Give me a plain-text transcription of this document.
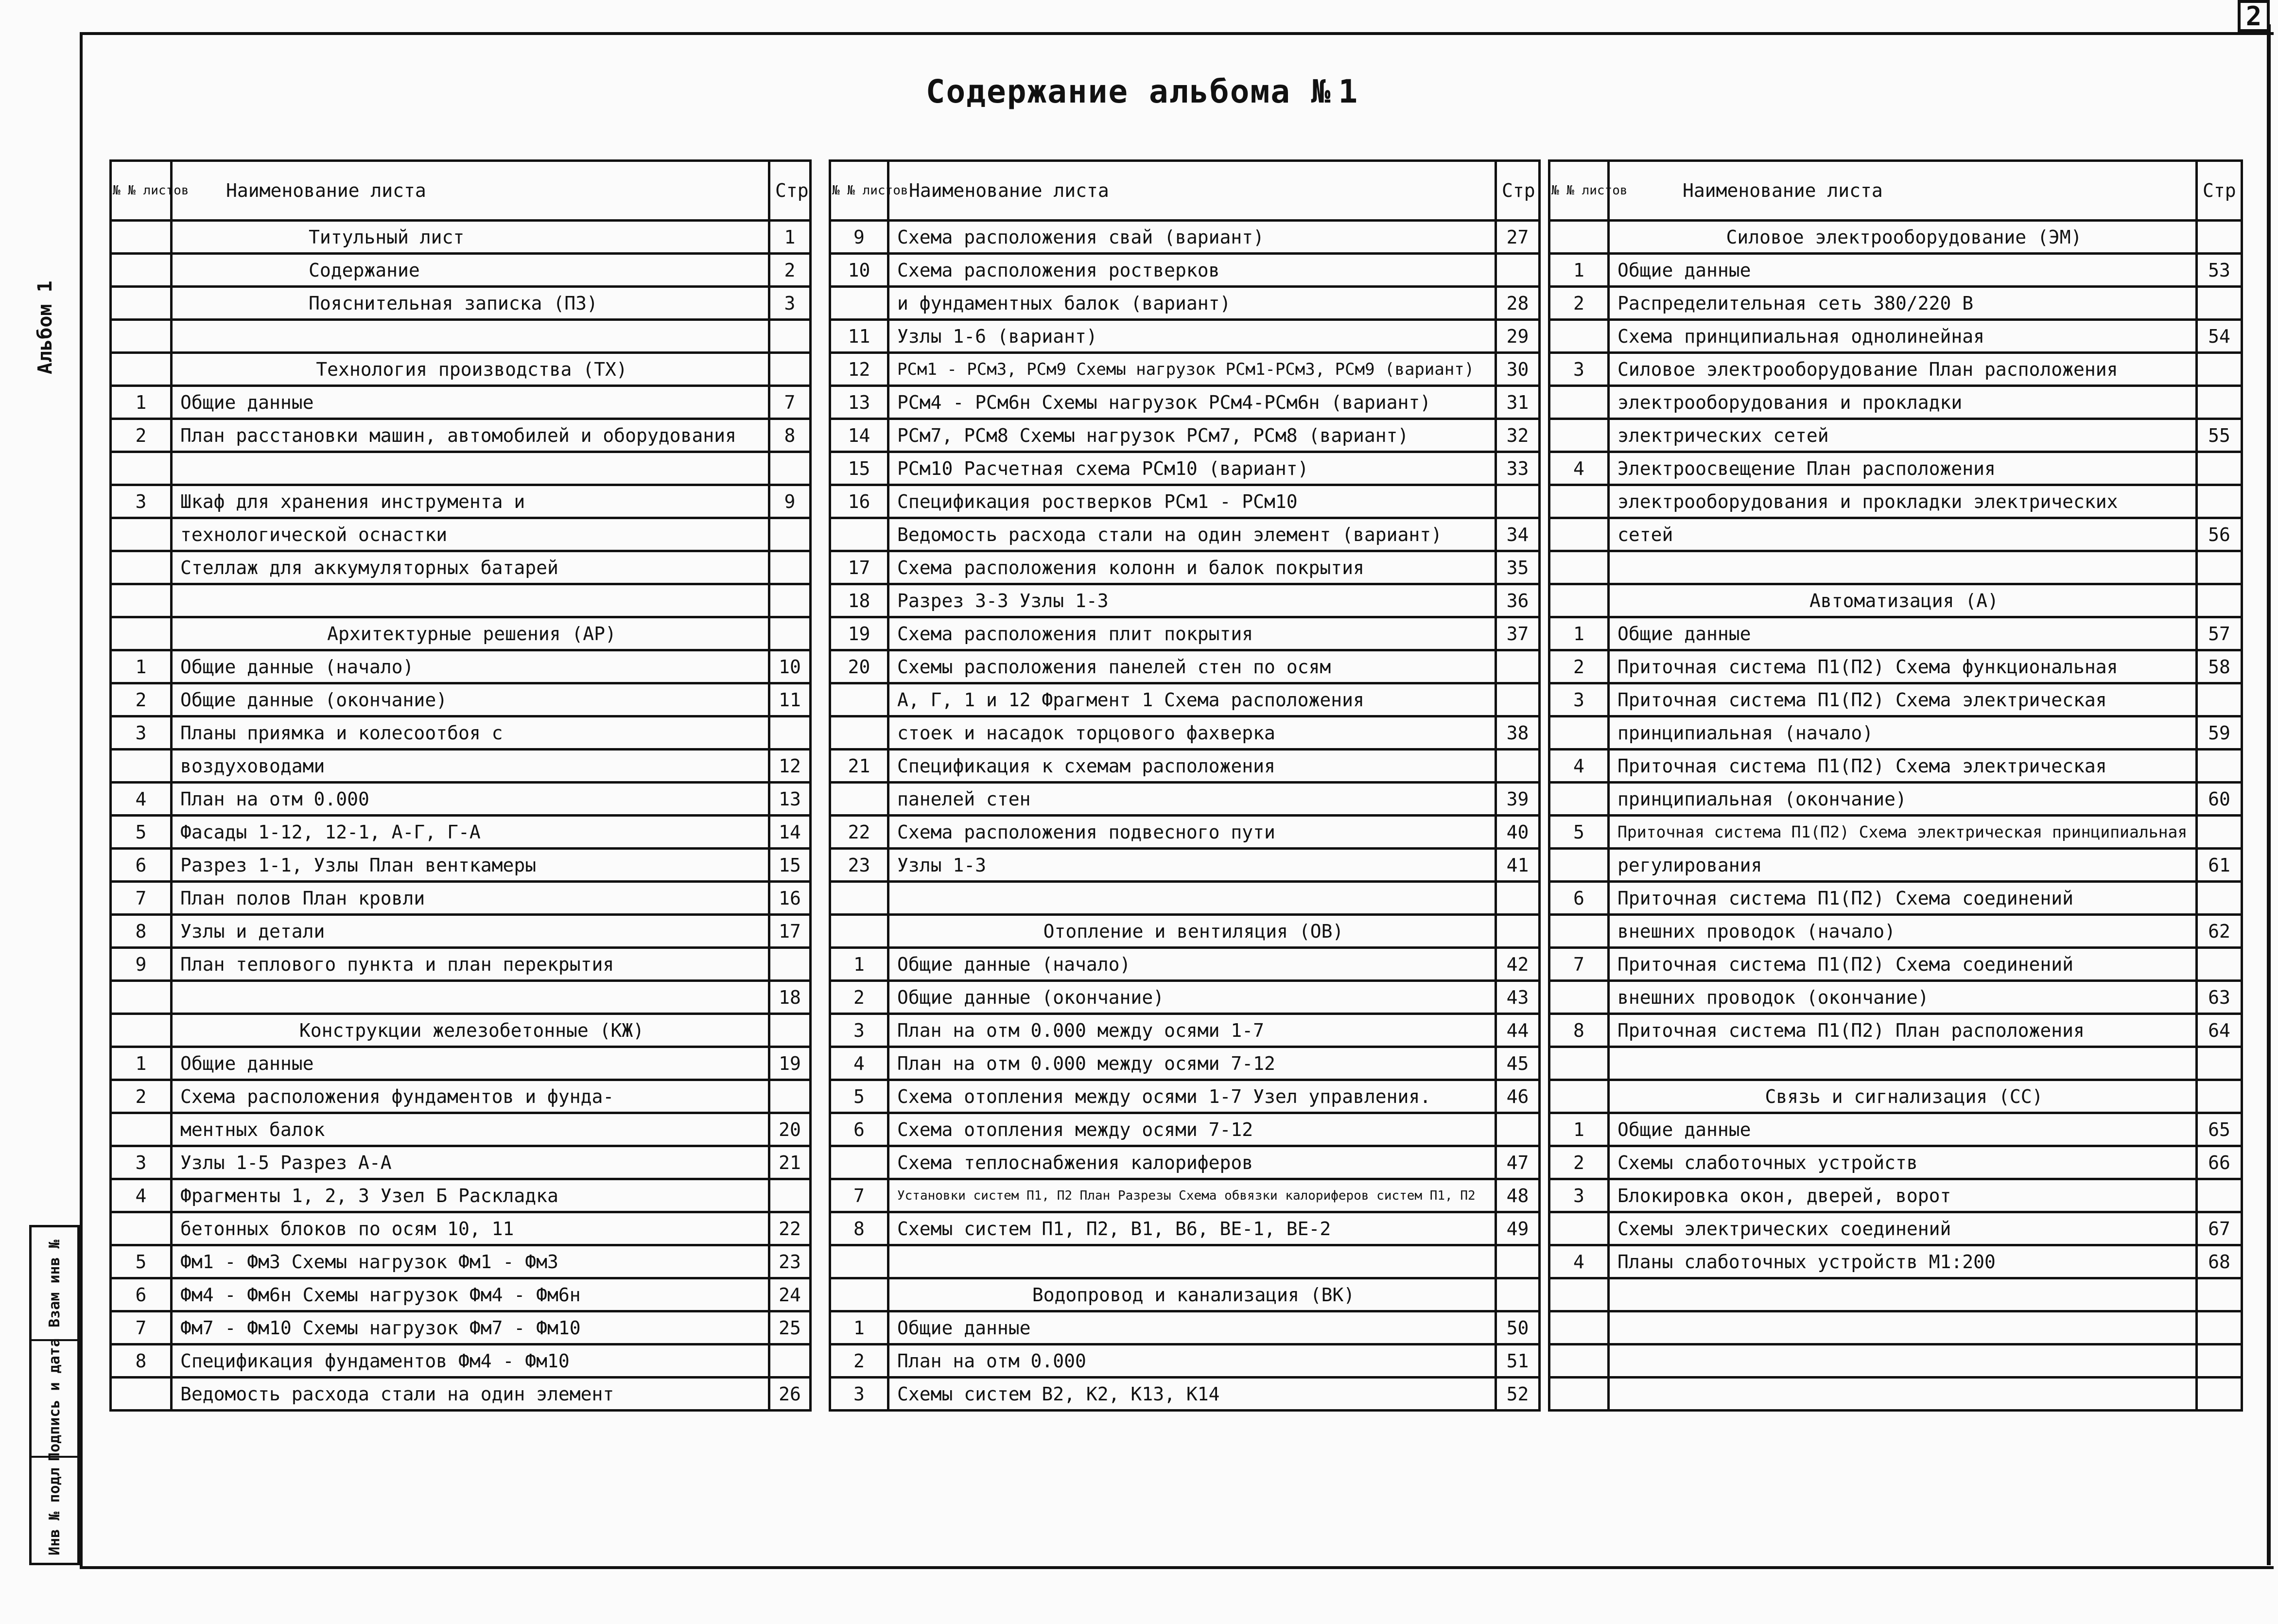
2
Альбом 1
Взам инв №
Подпись и дата
Инв № подл
Содержание альбома № 1
№ № листов	Наименование листа	Стр
	Титульный лист	1
	Содержание	2
	Пояснительная записка (ПЗ)	3

	Технология производства (ТХ)	
1	Общие данные	7
2	План расстановки машин, автомобилей и оборудования	8

3	Шкаф для хранения инструмента и	9
	технологической оснастки	
	Стеллаж для аккумуляторных батарей	

	Архитектурные решения (АР)	
1	Общие данные (начало)	10
2	Общие данные (окончание)	11
3	Планы приямка и колесоотбоя с	
	воздуховодами	12
4	План на отм 0.000	13
5	Фасады 1-12, 12-1, А-Г, Г-А	14
6	Разрез 1-1, Узлы План венткамеры	15
7	План полов План кровли	16
8	Узлы и детали	17
9	План теплового пункта и план перекрытия	
		18
	Конструкции железобетонные (КЖ)	
1	Общие данные	19
2	Схема расположения фундаментов и фунда-	
	ментных балок	20
3	Узлы 1-5 Разрез А-А	21
4	Фрагменты 1, 2, 3 Узел Б Раскладка	
	бетонных блоков по осям 10, 11	22
5	Фм1 - Фм3 Схемы нагрузок Фм1 - Фм3	23
6	Фм4 - Фм6н Схемы нагрузок Фм4 - Фм6н	24
7	Фм7 - Фм10 Схемы нагрузок Фм7 - Фм10	25
8	Спецификация фундаментов Фм4 - Фм10	
	Ведомость расхода стали на один элемент	26
№ № листов	Наименование листа	Стр
9	Схема расположения свай (вариант)	27
10	Схема расположения ростверков	
	и фундаментных балок (вариант)	28
11	Узлы 1-6 (вариант)	29
12	РСм1 - РСм3, РСм9 Схемы нагрузок РСм1-РСм3, РСм9 (вариант)	30
13	РСм4 - РСм6н Схемы нагрузок РСм4-РСм6н (вариант)	31
14	РСм7, РСм8 Схемы нагрузок РСм7, РСм8 (вариант)	32
15	РСм10 Расчетная схема РСм10 (вариант)	33
16	Спецификация ростверков РСм1 - РСм10	
	Ведомость расхода стали на один элемент (вариант)	34
17	Схема расположения колонн и балок покрытия	35
18	Разрез 3-3 Узлы 1-3	36
19	Схема расположения плит покрытия	37
20	Схемы расположения панелей стен по осям	
	А, Г, 1 и 12 Фрагмент 1 Схема расположения	
	стоек и насадок торцового фахверка	38
21	Спецификация к схемам расположения	
	панелей стен	39
22	Схема расположения подвесного пути	40
23	Узлы 1-3	41

	Отопление и вентиляция (ОВ)	
1	Общие данные (начало)	42
2	Общие данные (окончание)	43
3	План на отм 0.000 между осями 1-7	44
4	План на отм 0.000 между осями 7-12	45
5	Схема отопления между осями 1-7 Узел управления.	46
6	Схема отопления между осями 7-12	
	Схема теплоснабжения калориферов	47
7	Установки систем П1, П2 План Разрезы Схема обвязки калориферов систем П1, П2	48
8	Схемы систем П1, П2, В1, В6, ВЕ-1, ВЕ-2	49

	Водопровод и канализация (ВК)	
1	Общие данные	50
2	План на отм 0.000	51
3	Схемы систем В2, К2, К13, К14	52
№ № листов	Наименование листа	Стр
	Силовое электрооборудование (ЭМ)	
1	Общие данные	53
2	Распределительная сеть 380/220 В	
	Схема принципиальная однолинейная	54
3	Силовое электрооборудование План расположения	
	электрооборудования и прокладки	
	электрических сетей	55
4	Электроосвещение План расположения	
	электрооборудования и прокладки электрических	
	сетей	56

	Автоматизация (А)	
1	Общие данные	57
2	Приточная система П1(П2) Схема функциональная	58
3	Приточная система П1(П2) Схема электрическая	
	принципиальная (начало)	59
4	Приточная система П1(П2) Схема электрическая	
	принципиальная (окончание)	60
5	Приточная система П1(П2) Схема электрическая принципиальная	
	регулирования	61
6	Приточная система П1(П2) Схема соединений	
	внешних проводок (начало)	62
7	Приточная система П1(П2) Схема соединений	
	внешних проводок (окончание)	63
8	Приточная система П1(П2) План расположения	64

	Связь и сигнализация (СС)	
1	Общие данные	65
2	Схемы слаботочных устройств	66
3	Блокировка окон, дверей, ворот	
	Схемы электрических соединений	67
4	Планы слаботочных устройств М1:200	68
